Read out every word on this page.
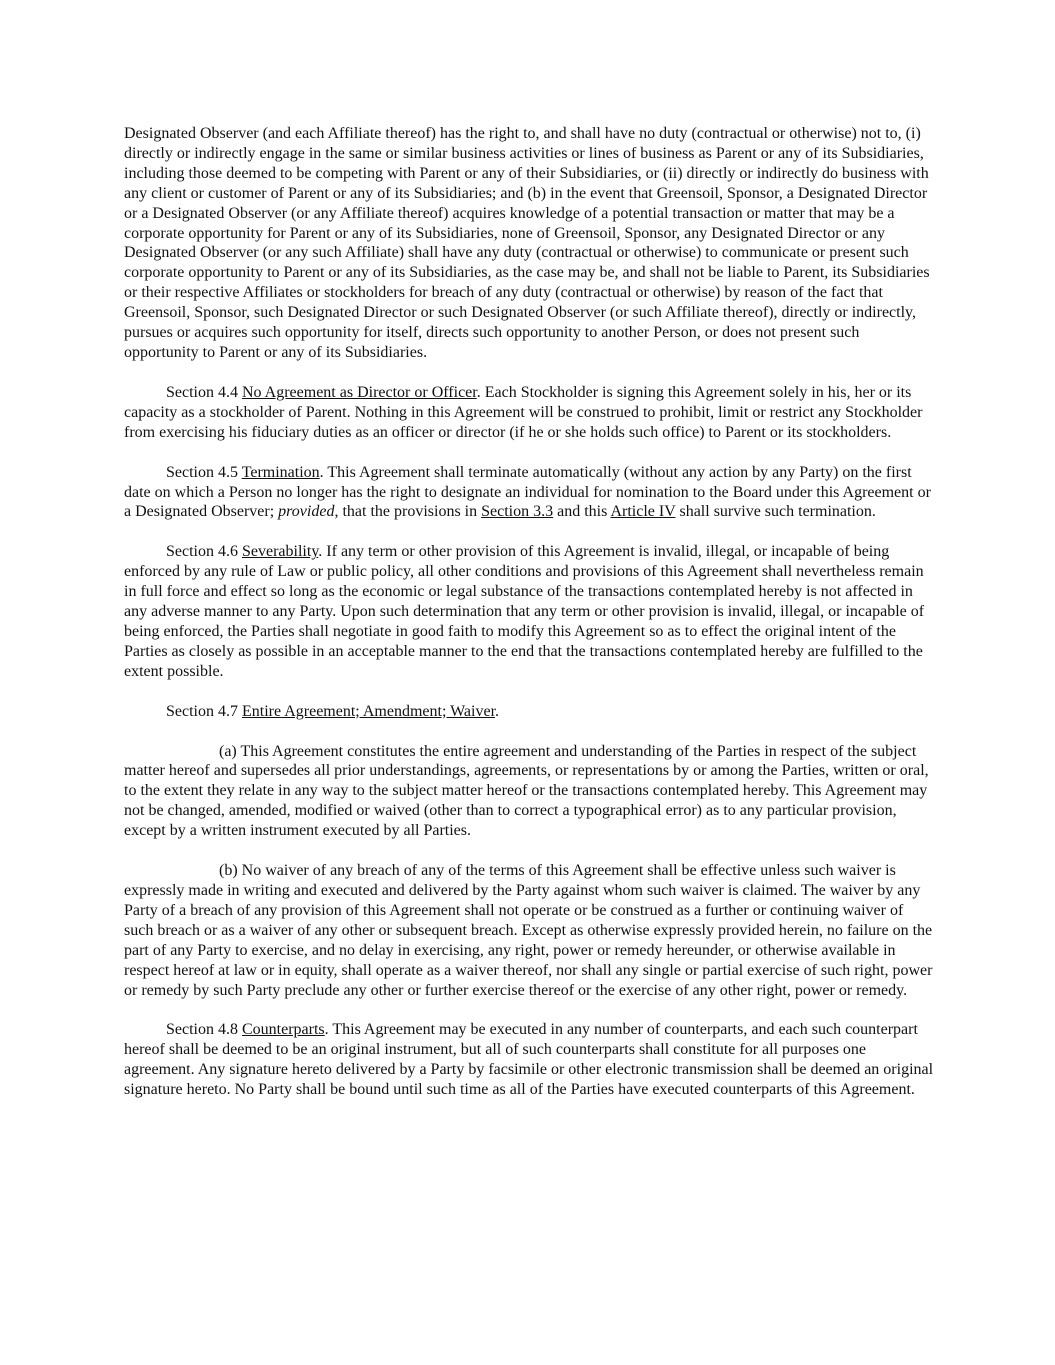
Designated Observer (and each Affiliate thereof) has the right to, and shall have no duty (contractual or otherwise) not to, (i) directly or indirectly engage in the same or similar business activities or lines of business as Parent or any of its Subsidiaries, including those deemed to be competing with Parent or any of their Subsidiaries, or (ii) directly or indirectly do business with any client or customer of Parent or any of its Subsidiaries; and (b) in the event that Greensoil, Sponsor, a Designated Director or a Designated Observer (or any Affiliate thereof) acquires knowledge of a potential transaction or matter that may be a corporate opportunity for Parent or any of its Subsidiaries, none of Greensoil, Sponsor, any Designated Director or any Designated Observer (or any such Affiliate) shall have any duty (contractual or otherwise) to communicate or present such corporate opportunity to Parent or any of its Subsidiaries, as the case may be, and shall not be liable to Parent, its Subsidiaries or their respective Affiliates or stockholders for breach of any duty (contractual or otherwise) by reason of the fact that Greensoil, Sponsor, such Designated Director or such Designated Observer (or such Affiliate thereof), directly or indirectly, pursues or acquires such opportunity for itself, directs such opportunity to another Person, or does not present such opportunity to Parent or any of its Subsidiaries.

Section 4.4 No Agreement as Director or Officer. Each Stockholder is signing this Agreement solely in his, her or its capacity as a stockholder of Parent. Nothing in this Agreement will be construed to prohibit, limit or restrict any Stockholder from exercising his fiduciary duties as an officer or director (if he or she holds such office) to Parent or its stockholders.

Section 4.5 Termination. This Agreement shall terminate automatically (without any action by any Party) on the first date on which a Person no longer has the right to designate an individual for nomination to the Board under this Agreement or a Designated Observer; provided, that the provisions in Section 3.3 and this Article IV shall survive such termination.

Section 4.6 Severability. If any term or other provision of this Agreement is invalid, illegal, or incapable of being enforced by any rule of Law or public policy, all other conditions and provisions of this Agreement shall nevertheless remain in full force and effect so long as the economic or legal substance of the transactions contemplated hereby is not affected in any adverse manner to any Party. Upon such determination that any term or other provision is invalid, illegal, or incapable of being enforced, the Parties shall negotiate in good faith to modify this Agreement so as to effect the original intent of the Parties as closely as possible in an acceptable manner to the end that the transactions contemplated hereby are fulfilled to the extent possible.

Section 4.7 Entire Agreement; Amendment; Waiver.

(a) This Agreement constitutes the entire agreement and understanding of the Parties in respect of the subject matter hereof and supersedes all prior understandings, agreements, or representations by or among the Parties, written or oral, to the extent they relate in any way to the subject matter hereof or the transactions contemplated hereby. This Agreement may not be changed, amended, modified or waived (other than to correct a typographical error) as to any particular provision, except by a written instrument executed by all Parties.

(b) No waiver of any breach of any of the terms of this Agreement shall be effective unless such waiver is expressly made in writing and executed and delivered by the Party against whom such waiver is claimed. The waiver by any Party of a breach of any provision of this Agreement shall not operate or be construed as a further or continuing waiver of such breach or as a waiver of any other or subsequent breach. Except as otherwise expressly provided herein, no failure on the part of any Party to exercise, and no delay in exercising, any right, power or remedy hereunder, or otherwise available in respect hereof at law or in equity, shall operate as a waiver thereof, nor shall any single or partial exercise of such right, power or remedy by such Party preclude any other or further exercise thereof or the exercise of any other right, power or remedy.

Section 4.8 Counterparts. This Agreement may be executed in any number of counterparts, and each such counterpart hereof shall be deemed to be an original instrument, but all of such counterparts shall constitute for all purposes one agreement. Any signature hereto delivered by a Party by facsimile or other electronic transmission shall be deemed an original signature hereto. No Party shall be bound until such time as all of the Parties have executed counterparts of this Agreement.
